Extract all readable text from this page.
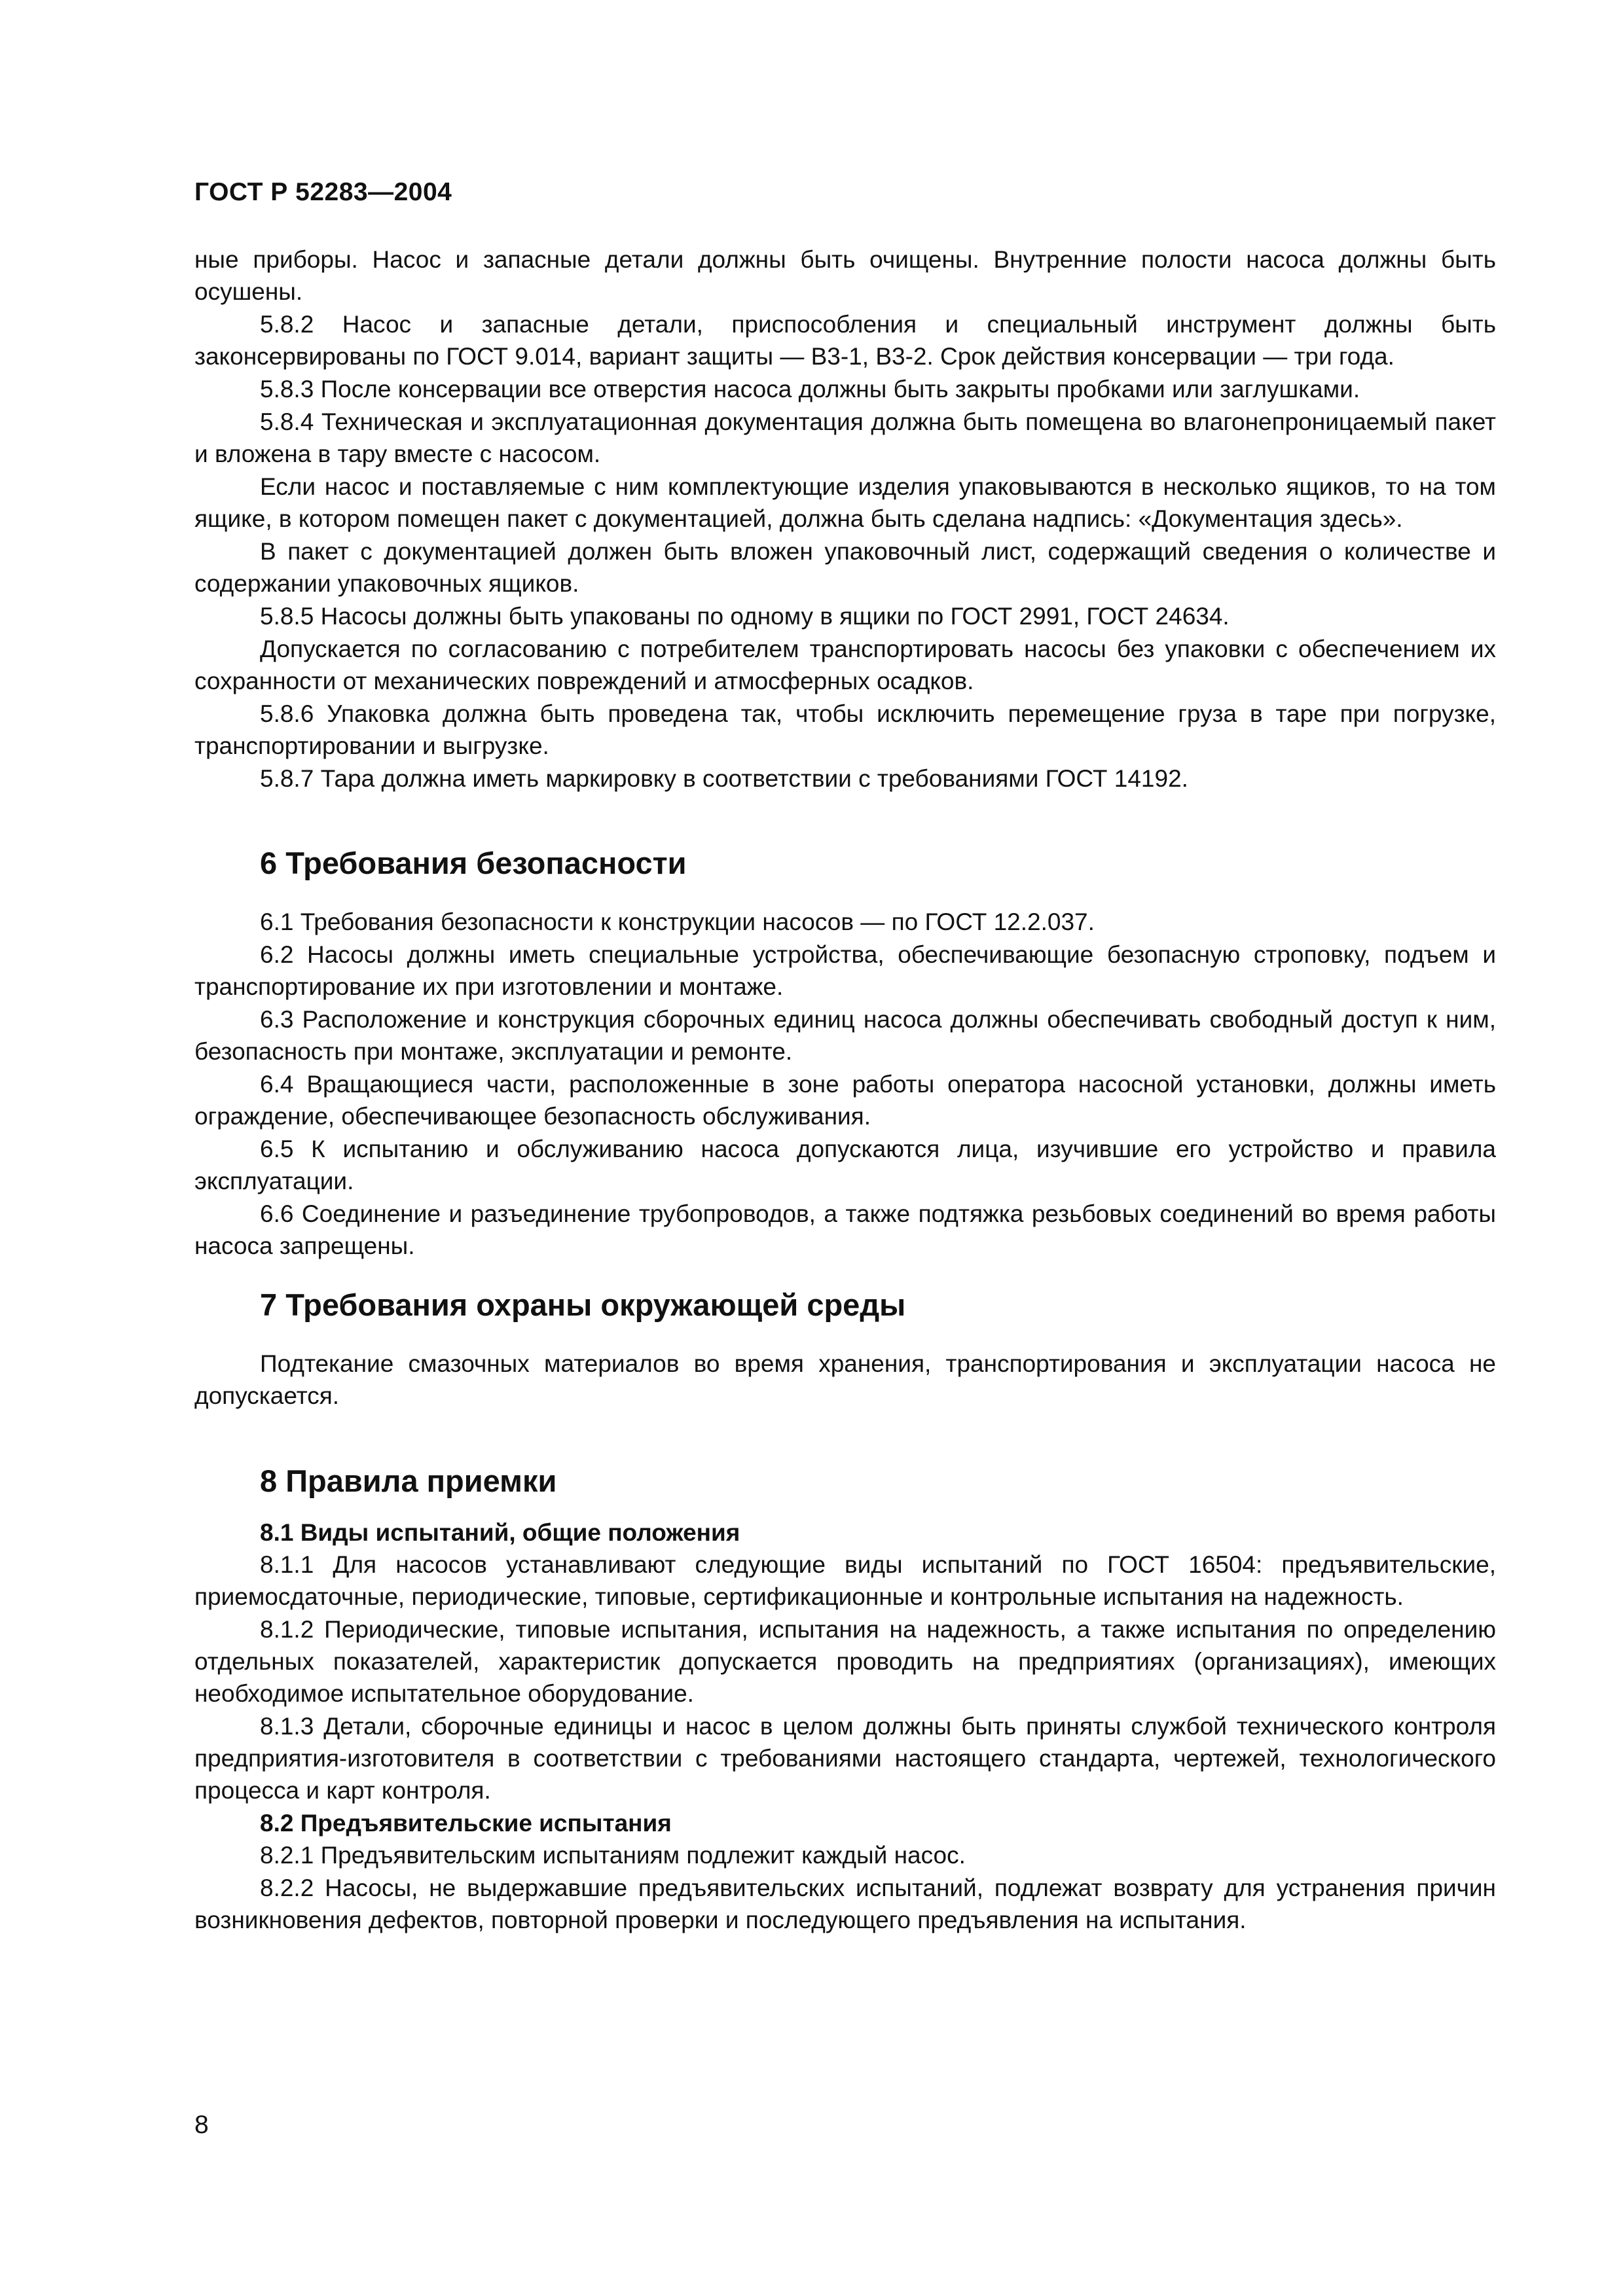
ГОСТ Р 52283—2004

ные приборы. Насос и запасные детали должны быть очищены. Внутренние полости насоса должны быть осушены.

5.8.2 Насос и запасные детали, приспособления и специальный инструмент должны быть законсервированы по ГОСТ 9.014, вариант защиты — В3-1, В3-2. Срок действия консервации — три года.

5.8.3 После консервации все отверстия насоса должны быть закрыты пробками или заглушками.

5.8.4 Техническая и эксплуатационная документация должна быть помещена во влагонепроницаемый пакет и вложена в тару вместе с насосом.

Если насос и поставляемые с ним комплектующие изделия упаковываются в несколько ящиков, то на том ящике, в котором помещен пакет с документацией, должна быть сделана надпись: «Документация здесь».

В пакет с документацией должен быть вложен упаковочный лист, содержащий сведения о количестве и содержании упаковочных ящиков.

5.8.5 Насосы должны быть упакованы по одному в ящики по ГОСТ 2991, ГОСТ 24634.

Допускается по согласованию с потребителем транспортировать насосы без упаковки с обеспечением их сохранности от механических повреждений и атмосферных осадков.

5.8.6 Упаковка должна быть проведена так, чтобы исключить перемещение груза в таре при погрузке, транспортировании и выгрузке.

5.8.7 Тара должна иметь маркировку в соответствии с требованиями ГОСТ 14192.

6 Требования безопасности

6.1 Требования безопасности к конструкции насосов — по ГОСТ 12.2.037.

6.2 Насосы должны иметь специальные устройства, обеспечивающие безопасную строповку, подъем и транспортирование их при изготовлении и монтаже.

6.3 Расположение и конструкция сборочных единиц насоса должны обеспечивать свободный доступ к ним, безопасность при монтаже, эксплуатации и ремонте.

6.4 Вращающиеся части, расположенные в зоне работы оператора насосной установки, должны иметь ограждение, обеспечивающее безопасность обслуживания.

6.5 К испытанию и обслуживанию насоса допускаются лица, изучившие его устройство и правила эксплуатации.

6.6 Соединение и разъединение трубопроводов, а также подтяжка резьбовых соединений во время работы насоса запрещены.

7 Требования охраны окружающей среды

Подтекание смазочных материалов во время хранения, транспортирования и эксплуатации насоса не допускается.

8 Правила приемки
8.1 Виды испытаний, общие положения

8.1.1 Для насосов устанавливают следующие виды испытаний по ГОСТ 16504: предъявительские, приемосдаточные, периодические, типовые, сертификационные и контрольные испытания на надежность.

8.1.2 Периодические, типовые испытания, испытания на надежность, а также испытания по определению отдельных показателей, характеристик допускается проводить на предприятиях (организациях), имеющих необходимое испытательное оборудование.

8.1.3 Детали, сборочные единицы и насос в целом должны быть приняты службой технического контроля предприятия-изготовителя в соответствии с требованиями настоящего стандарта, чертежей, технологического процесса и карт контроля.

8.2 Предъявительские испытания

8.2.1 Предъявительским испытаниям подлежит каждый насос.

8.2.2 Насосы, не выдержавшие предъявительских испытаний, подлежат возврату для устранения причин возникновения дефектов, повторной проверки и последующего предъявления на испытания.

8
